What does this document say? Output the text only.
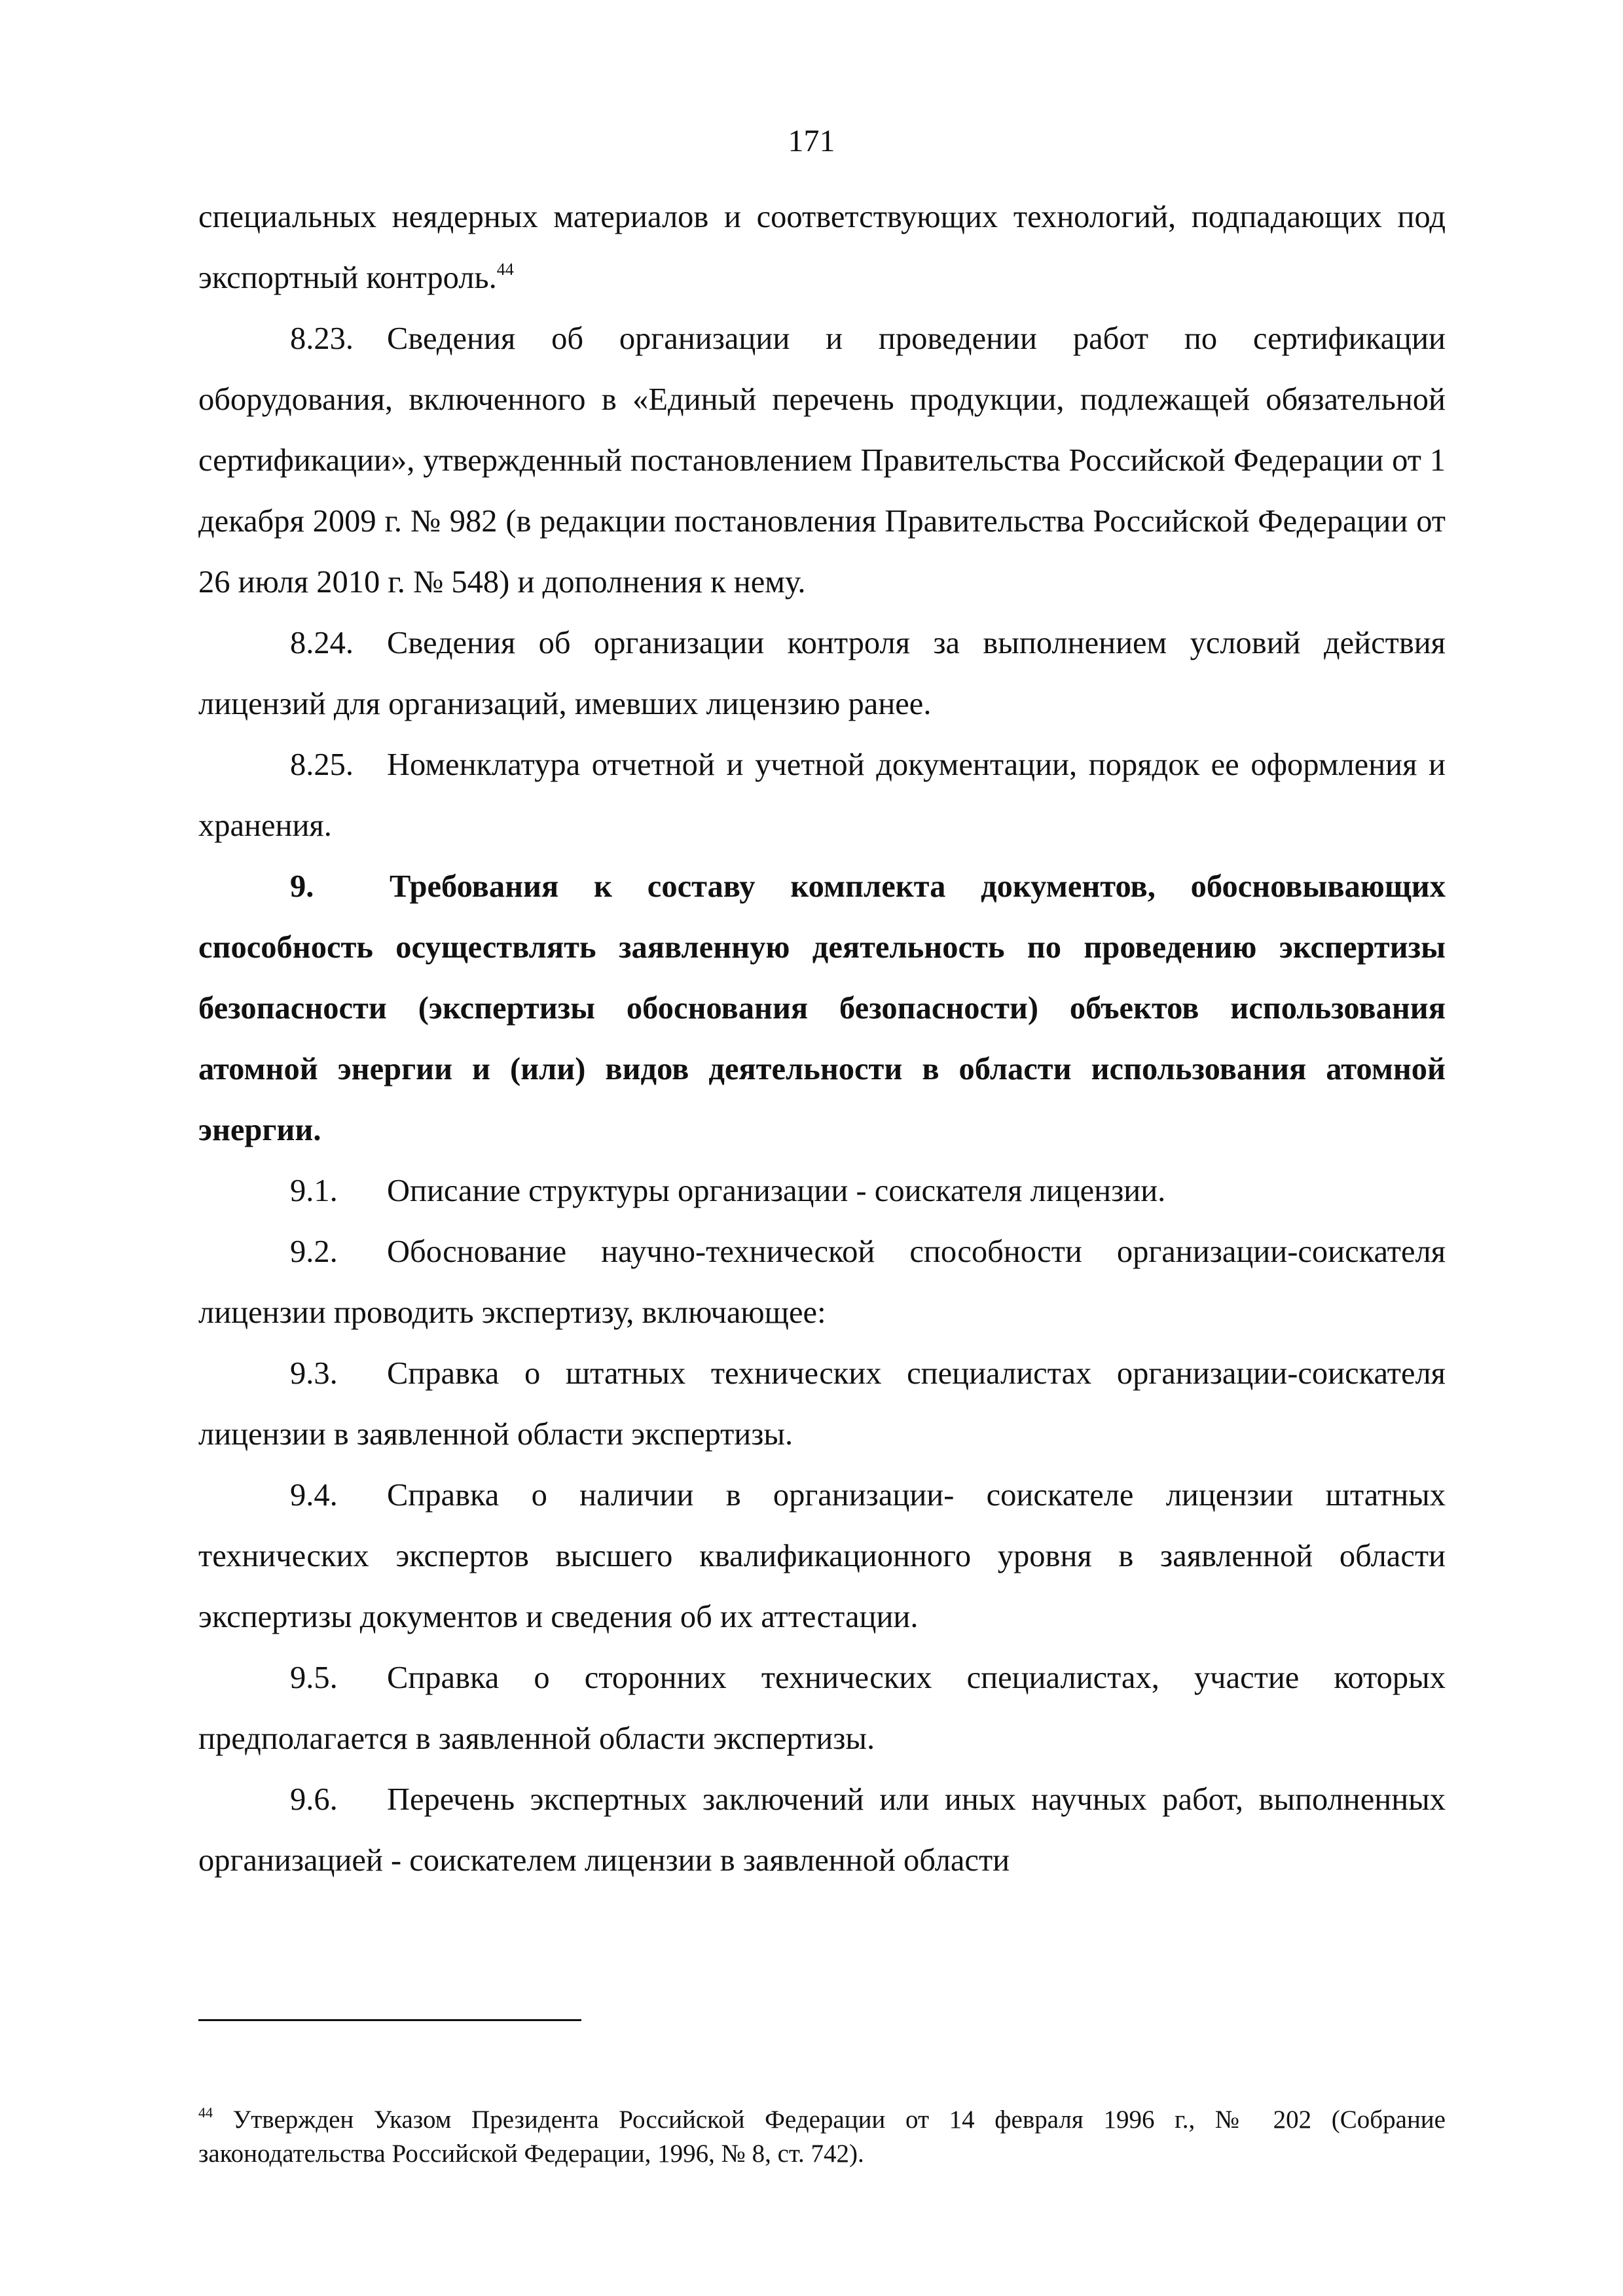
171

специальных неядерных материалов и соответствующих технологий, подпадающих под экспортный контроль.$^{44}$

8.23. Сведения об организации и проведении работ по сертификации оборудования, включенного в «Единый перечень продукции, подлежащей обязательной сертификации», утвержденный постановлением Правительства Российской Федерации от 1 декабря 2009 г. № 982 (в редакции постановления Правительства Российской Федерации от 26 июля 2010 г. № 548) и дополнения к нему.

8.24. Сведения об организации контроля за выполнением условий действия лицензий для организаций, имевших лицензию ранее.

8.25. Номенклатура отчетной и учетной документации, порядок ее оформления и хранения.

9. Требования к составу комплекта документов, обосновывающих способность осуществлять заявленную деятельность по проведению экспертизы безопасности (экспертизы обоснования безопасности) объектов использования атомной энергии и (или) видов деятельности в области использования атомной энергии.

9.1. Описание структуры организации - соискателя лицензии.

9.2. Обоснование научно-технической способности организации-соискателя лицензии проводить экспертизу, включающее:

9.3. Справка о штатных технических специалистах организации-соискателя лицензии в заявленной области экспертизы.

9.4. Справка о наличии в организации- соискателе лицензии штатных технических экспертов высшего квалификационного уровня в заявленной области экспертизы документов и сведения об их аттестации.

9.5. Справка о сторонних технических специалистах, участие которых предполагается в заявленной области экспертизы.

9.6. Перечень экспертных заключений или иных научных работ, выполненных организацией - соискателем лицензии в заявленной области

$^{44}$ Утвержден Указом Президента Российской Федерации от 14 февраля 1996 г., № 202 (Собрание законодательства Российской Федерации, 1996, № 8, ст. 742).
